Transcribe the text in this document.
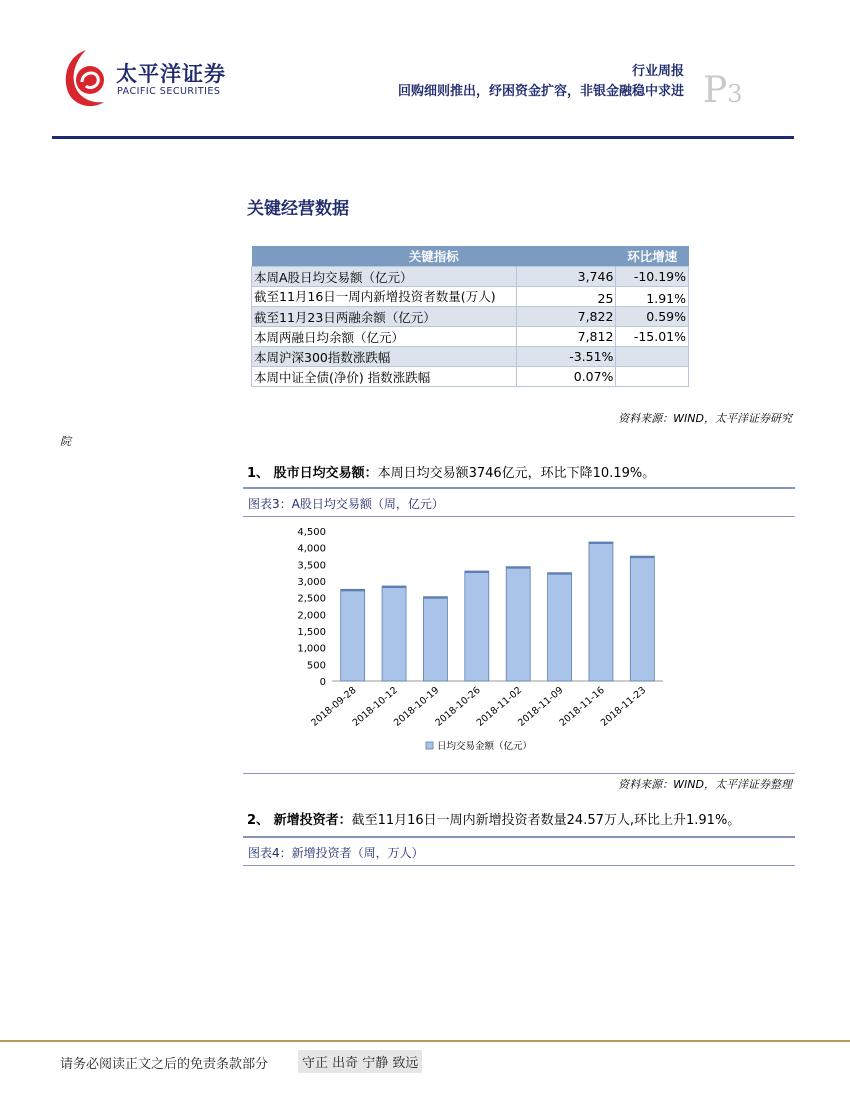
太平洋证券
PACIFIC SECURITIES
行业周报
回购细则推出，纾困资金扩容，非银金融稳中求进 P3
关键经营数据
关键指标		环比增速
本周A股日均交易额（亿元）	3,746	-10.19%
截至11月16日一周内新增投资者数量(万人)	25	1.91%
截至11月23日两融余额（亿元）	7,822	0.59%
本周两融日均余额（亿元）	7,812	-15.01%
本周沪深300指数涨跌幅	-3.51%	
本周中证全债(净价) 指数涨跌幅	0.07%	
资料来源：WIND，太平洋证券研究
院
1、 股市日均交易额：本周日均交易额3746亿元，环比下降10.19%。
图表3：A股日均交易额（周，亿元）
4,500
4,000
3,500
3,000
2,500
2,000
1,500
1,000
500
0
2018-09-28
2018-10-12
2018-10-19
2018-10-26
2018-11-02
2018-11-09
2018-11-16
2018-11-23
日均交易金额（亿元）
资料来源：WIND，太平洋证券整理
2、 新增投资者：截至11月16日一周内新增投资者数量24.57万人,环比上升1.91%。
图表4：新增投资者（周，万人）
请务必阅读正文之后的免责条款部分	守正 出奇 宁静 致远
